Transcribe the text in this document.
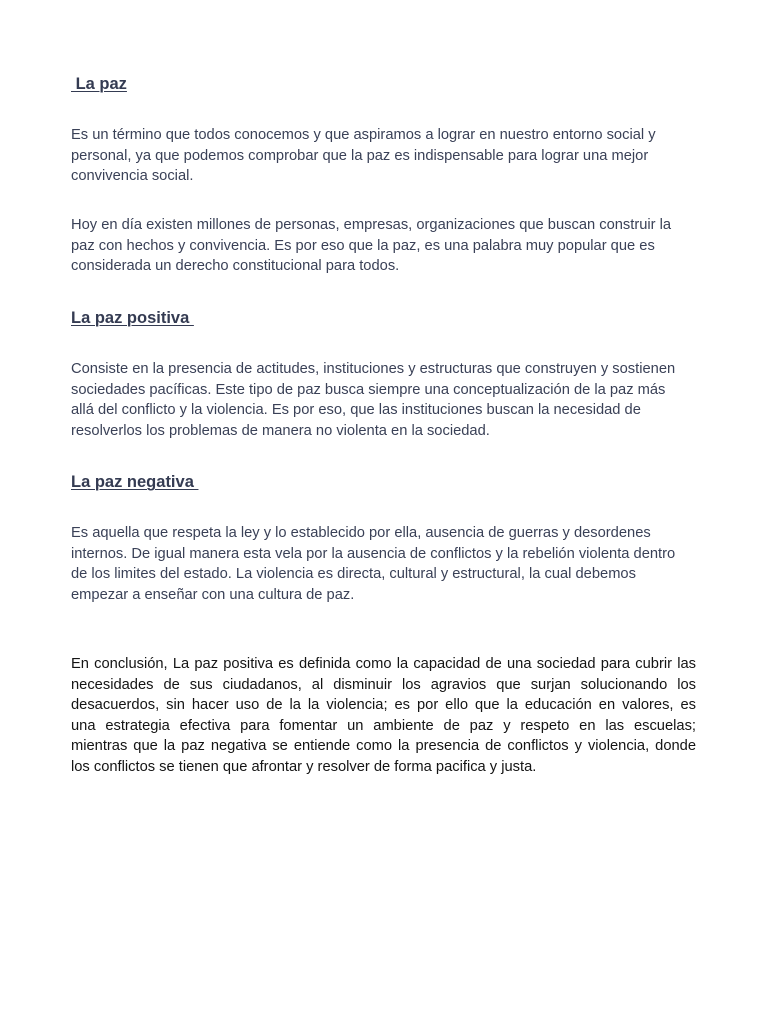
La paz

Es un término que todos conocemos y que aspiramos a lograr en nuestro entorno social y
personal, ya que podemos comprobar que la paz es indispensable para lograr una mejor
convivencia social.

Hoy en día existen millones de personas, empresas, organizaciones que buscan construir la
paz con hechos y convivencia. Es por eso que la paz, es una palabra muy popular que es
considerada un derecho constitucional para todos.

La paz positiva

Consiste en la presencia de actitudes, instituciones y estructuras que construyen y sostienen
sociedades pacíficas. Este tipo de paz busca siempre una conceptualización de la paz más
allá del conflicto y la violencia. Es por eso, que las instituciones buscan la necesidad de
resolverlos los problemas de manera no violenta en la sociedad.

La paz negativa

Es aquella que respeta la ley y lo establecido por ella, ausencia de guerras y desordenes
internos. De igual manera esta vela por la ausencia de conflictos y la rebelión violenta dentro
de los limites del estado. La violencia es directa, cultural y estructural, la cual debemos
empezar a enseñar con una cultura de paz.

En conclusión, La paz positiva es definida como la capacidad de una sociedad para cubrir las
necesidades de sus ciudadanos, al disminuir los agravios que surjan solucionando los
desacuerdos, sin hacer uso de la la violencia; es por ello que la educación en valores, es
una estrategia efectiva para fomentar un ambiente de paz y respeto en las escuelas;
mientras que la paz negativa se entiende como la presencia de conflictos y violencia, donde
los conflictos se tienen que afrontar y resolver de forma pacifica y justa.
